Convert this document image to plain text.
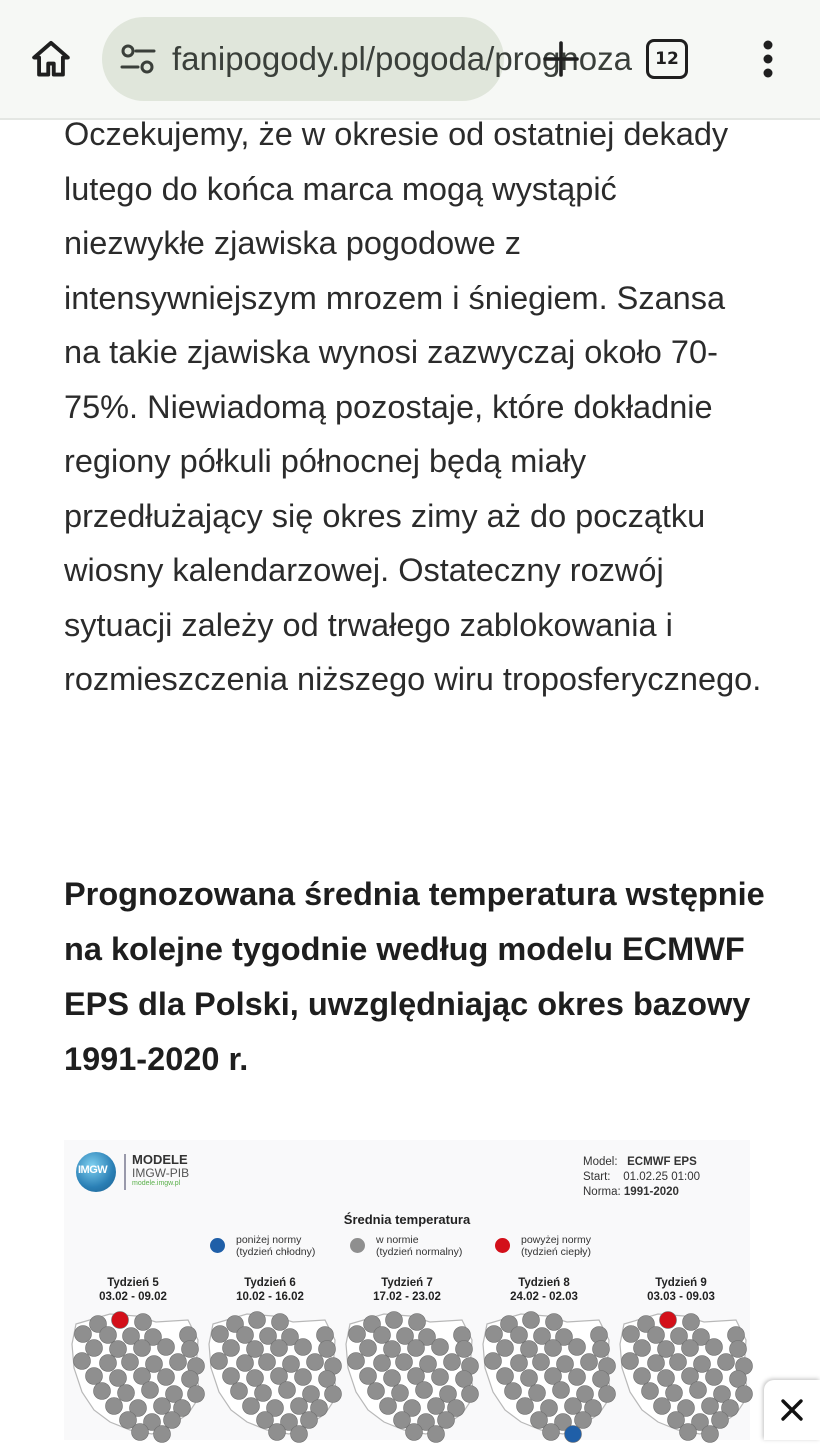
fanipogody.pl/pogoda/prognoza 12

Oczekujemy, że w okresie od ostatniej dekady lutego do końca marca mogą wystąpić niezwykłe zjawiska pogodowe z intensywniejszym mrozem i śniegiem. Szansa na takie zjawiska wynosi zazwyczaj około 70-75%. Niewiadomą pozostaje, które dokładnie regiony półkuli północnej będą miały przedłużający się okres zimy aż do początku wiosny kalendarzowej. Ostateczny rozwój sytuacji zależy od trwałego zablokowania i rozmieszczenia niższego wiru troposferycznego.

Prognozowana średnia temperatura wstępnie na kolejne tygodnie według modelu ECMWF EPS dla Polski, uwzględniając okres bazowy 1991-2020 r.

IMGW
MODELE
IMGW-PIB
modele.imgw.pl
Model: ECMWF EPS
Start: 01.02.25 01:00
Norma: 1991-2020
Średnia temperatura
poniżej normy
(tydzień chłodny)
w normie
(tydzień normalny)
powyżej normy
(tydzień ciepły)
Tydzień 5
03.02 - 09.02
Tydzień 6
10.02 - 16.02
Tydzień 7
17.02 - 23.02
Tydzień 8
24.02 - 02.03
Tydzień 9
03.03 - 09.03
